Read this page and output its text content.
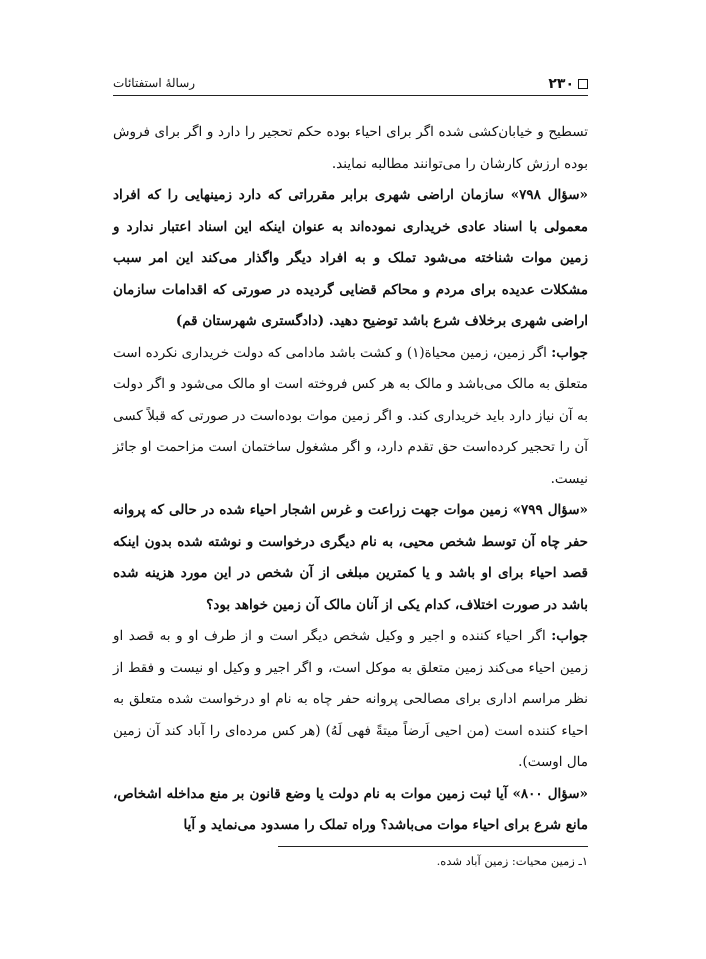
۲۳۰
رسالهٔ استفتائات

تسطیح و خیابان‌کشی شده اگر برای احیاء بوده حکم تحجیر را دارد و اگر برای فروش بوده ارزش کارشان را می‌توانند مطالبه نمایند.

«سؤال ۷۹۸» سازمان اراضی شهری برابر مقرراتی که دارد زمینهایی را که افراد معمولی با اسناد عادی خریداری نموده‌اند به عنوان اینکه این اسناد اعتبار ندارد و زمین موات شناخته می‌شود تملک و به افراد دیگر واگذار می‌کند این امر سبب مشکلات عدیده برای مردم و محاکم قضایی گردیده در صورتی که اقدامات سازمان اراضی شهری برخلاف شرع باشد توضیح دهید. (دادگستری شهرستان قم)

جواب: اگر زمین، زمین محیاة(۱) و کشت باشد مادامی که دولت خریداری نکرده است متعلق به مالک می‌باشد و مالک به هر کس فروخته است او مالک می‌شود و اگر دولت به آن نیاز دارد باید خریداری کند. و اگر زمین موات بوده‌است در صورتی که قبلاً کسی آن را تحجیر کرده‌است حق تقدم دارد، و اگر مشغول ساختمان است مزاحمت او جائز نیست.

«سؤال ۷۹۹» زمین موات جهت زراعت و غرس اشجار احیاء شده در حالی که پروانه حفر چاه آن توسط شخص محیی، به نام دیگری درخواست و نوشته شده بدون اینکه قصد احیاء برای او باشد و یا کمترین مبلغی از آن شخص در این مورد هزینه شده باشد در صورت اختلاف، کدام یکی از آنان مالک آن زمین خواهد بود؟

جواب: اگر احیاء کننده و اجیر و وکیل شخص دیگر است و از طرف او و به قصد او زمین احیاء می‌کند زمین متعلق به موکل است، و اگر اجیر و وکیل او نیست و فقط از نظر مراسم اداری برای مصالحی پروانه حفر چاه به نام او درخواست شده متعلق به احیاء کننده است (من احیی اَرضاً میتةً فهی لَهُ) (هر کس مرده‌ای را آباد کند آن زمین مال اوست).

«سؤال ۸۰۰» آیا ثبت زمین موات به نام دولت یا وضع قانون بر منع مداخله اشخاص، مانع شرع برای احیاء موات می‌باشد؟ وراه تملک را مسدود می‌نماید و آیا

۱ـ زمین محیات: زمین آباد شده.
